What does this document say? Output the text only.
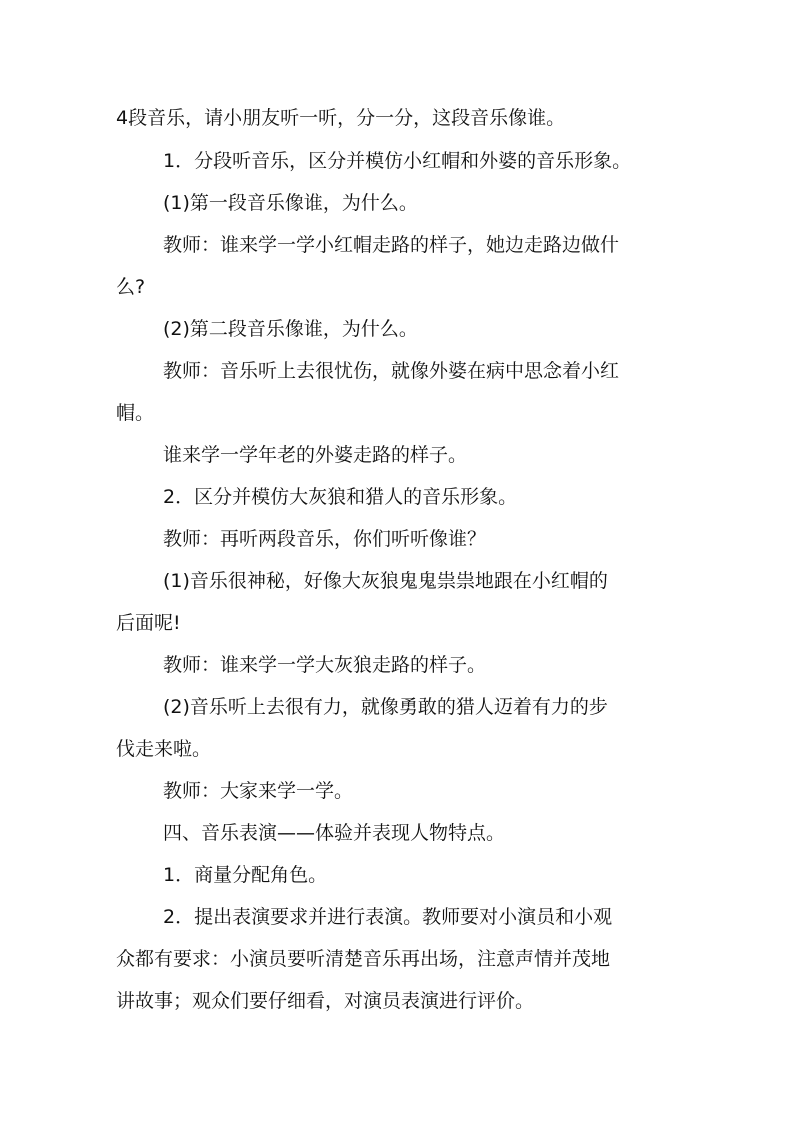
4段音乐，请小朋友听一听，分一分，这段音乐像谁。
1．分段听音乐，区分并模仿小红帽和外婆的音乐形象。
(1)第一段音乐像谁，为什么。
教师：谁来学一学小红帽走路的样子，她边走路边做什
么?
(2)第二段音乐像谁，为什么。
教师：音乐听上去很忧伤，就像外婆在病中思念着小红
帽。
谁来学一学年老的外婆走路的样子。
2．区分并模仿大灰狼和猎人的音乐形象。
教师：再听两段音乐，你们听听像谁？
(1)音乐很神秘，好像大灰狼鬼鬼祟祟地跟在小红帽的
后面呢!
教师：谁来学一学大灰狼走路的样子。
(2)音乐听上去很有力，就像勇敢的猎人迈着有力的步
伐走来啦。
教师：大家来学一学。
四、音乐表演——体验并表现人物特点。
1．商量分配角色。
2．提出表演要求并进行表演。教师要对小演员和小观
众都有要求：小演员要听清楚音乐再出场，注意声情并茂地
讲故事；观众们要仔细看，对演员表演进行评价。
